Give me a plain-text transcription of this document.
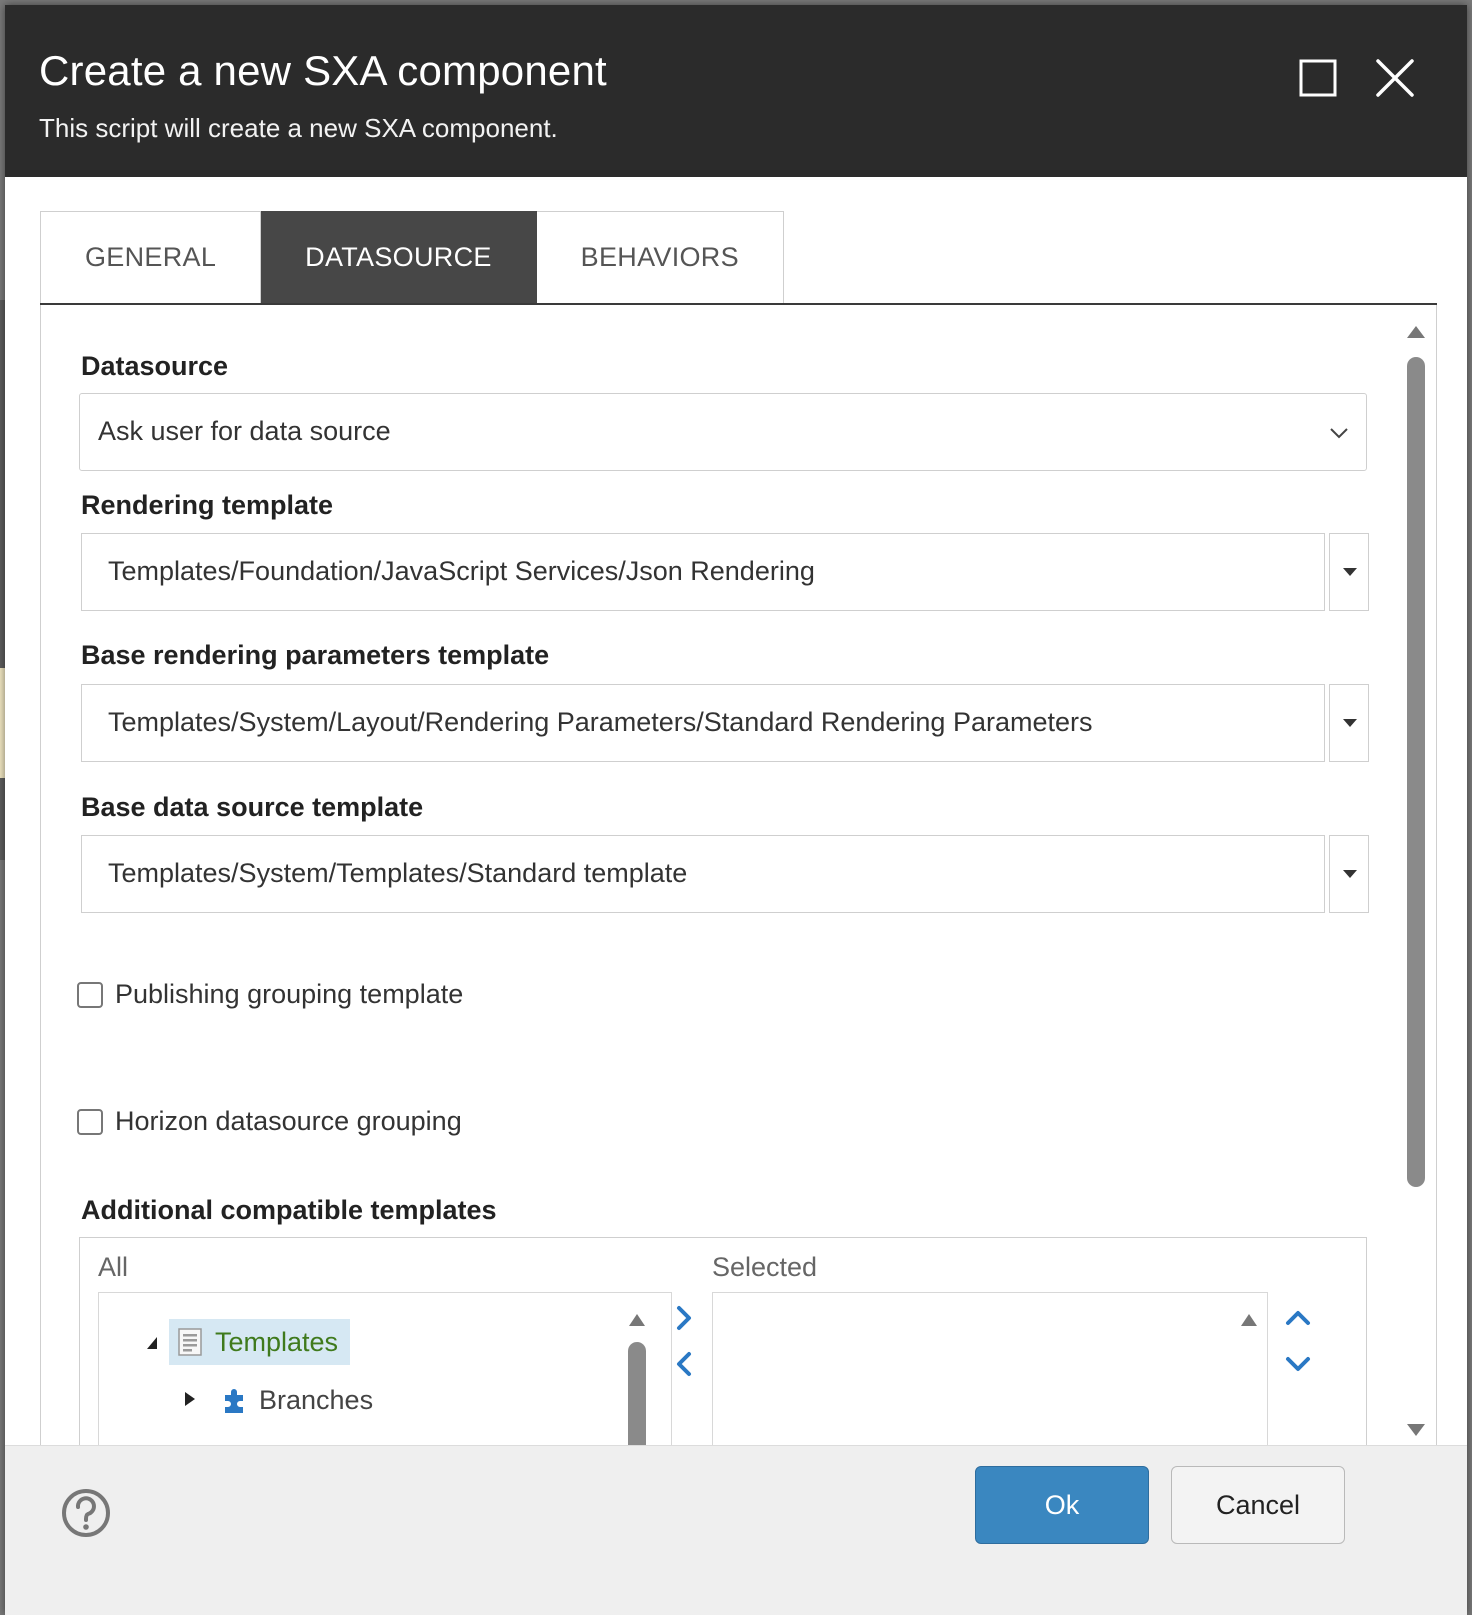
Create a new SXA component
This script will create a new SXA component.
GENERAL	DATASOURCE	BEHAVIORS
Datasource
Ask user for data source
Rendering template
Templates/Foundation/JavaScript Services/Json Rendering
Base rendering parameters template
Templates/System/Layout/Rendering Parameters/Standard Rendering Parameters
Base data source template
Templates/System/Templates/Standard template
Publishing grouping template
Horizon datasource grouping
Additional compatible templates
All	Selected
Templates
Branches
Ok	Cancel
